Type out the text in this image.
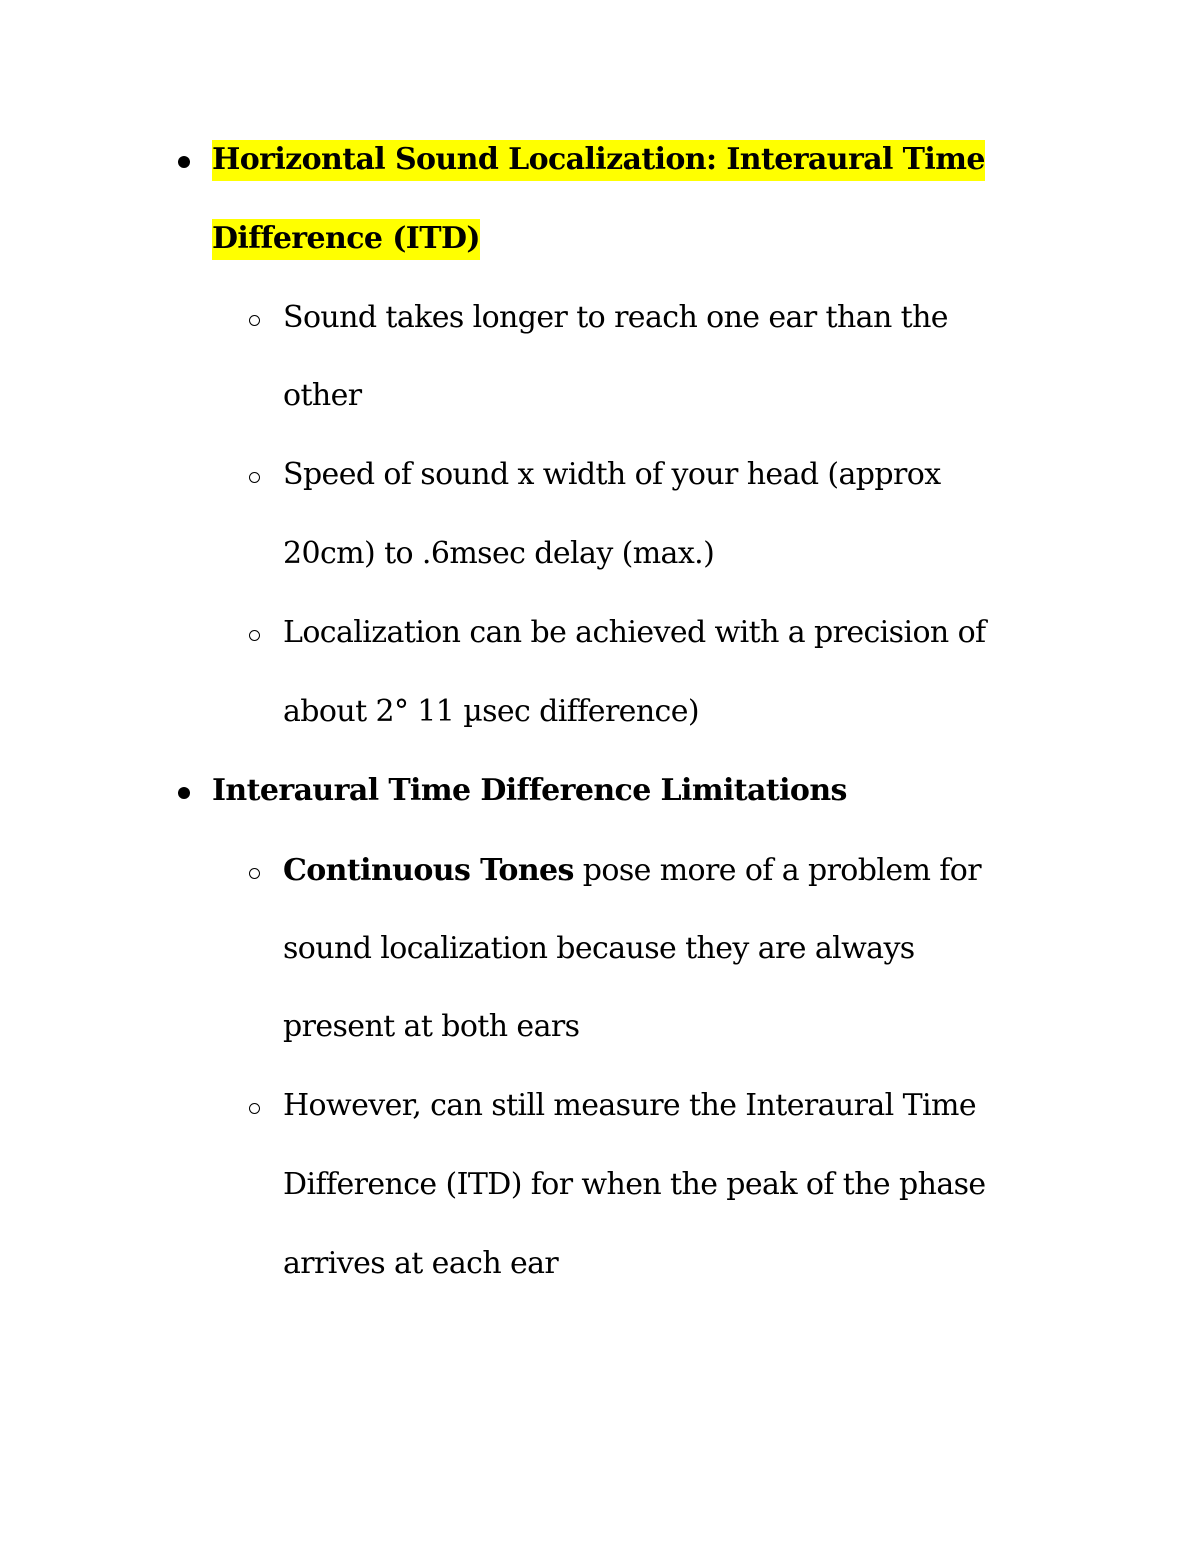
Horizontal Sound Localization: Interaural Time
Difference (ITD)
Sound takes longer to reach one ear than the
other
Speed of sound x width of your head (approx
20cm) to .6msec delay (max.)
Localization can be achieved with a precision of
about 2° 11 µsec difference)
Interaural Time Difference Limitations
Continuous Tones pose more of a problem for
sound localization because they are always
present at both ears
However, can still measure the Interaural Time
Difference (ITD) for when the peak of the phase
arrives at each ear
